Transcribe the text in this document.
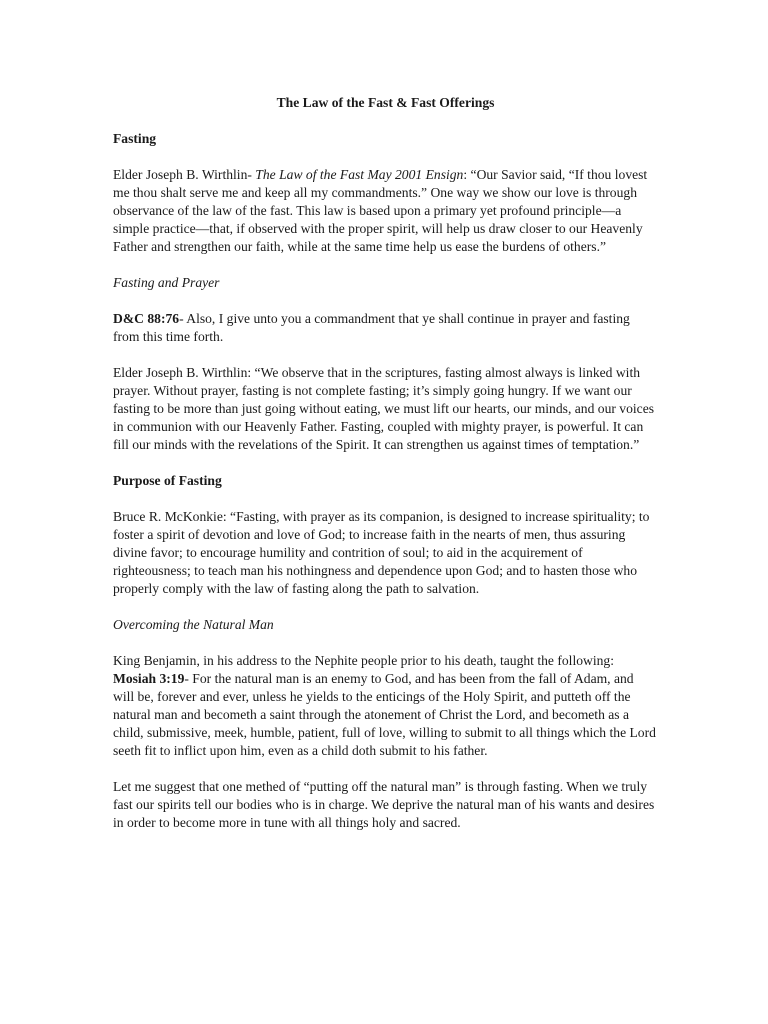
The Law of the Fast & Fast Offerings
Fasting

Elder Joseph B. Wirthlin- The Law of the Fast May 2001 Ensign: “Our Savior said, “If thou lovest me thou shalt serve me and keep all my commandments.” One way we show our love is through observance of the law of the fast. This law is based upon a primary yet profound principle—a simple practice—that, if observed with the proper spirit, will help us draw closer to our Heavenly Father and strengthen our faith, while at the same time help us ease the burdens of others.”

Fasting and Prayer

D&C 88:76- Also, I give unto you a commandment that ye shall continue in prayer and fasting from this time forth.

Elder Joseph B. Wirthlin: “We observe that in the scriptures, fasting almost always is linked with prayer. Without prayer, fasting is not complete fasting; it’s simply going hungry. If we want our fasting to be more than just going without eating, we must lift our hearts, our minds, and our voices in communion with our Heavenly Father. Fasting, coupled with mighty prayer, is powerful. It can fill our minds with the revelations of the Spirit. It can strengthen us against times of temptation.”

Purpose of Fasting

Bruce R. McKonkie: “Fasting, with prayer as its companion, is designed to increase spirituality; to foster a spirit of devotion and love of God; to increase faith in the nearts of men, thus assuring divine favor; to encourage humility and contrition of soul; to aid in the acquirement of righteousness; to teach man his nothingness and dependence upon God; and to hasten those who properly comply with the law of fasting along the path to salvation.

Overcoming the Natural Man

King Benjamin, in his address to the Nephite people prior to his death, taught the following: Mosiah 3:19- For the natural man is an enemy to God, and has been from the fall of Adam, and will be, forever and ever, unless he yields to the enticings of the Holy Spirit, and putteth off the natural man and becometh a saint through the atonement of Christ the Lord, and becometh as a child, submissive, meek, humble, patient, full of love, willing to submit to all things which the Lord seeth fit to inflict upon him, even as a child doth submit to his father.

Let me suggest that one methed of “putting off the natural man” is through fasting. When we truly fast our spirits tell our bodies who is in charge. We deprive the natural man of his wants and desires in order to become more in tune with all things holy and sacred.
